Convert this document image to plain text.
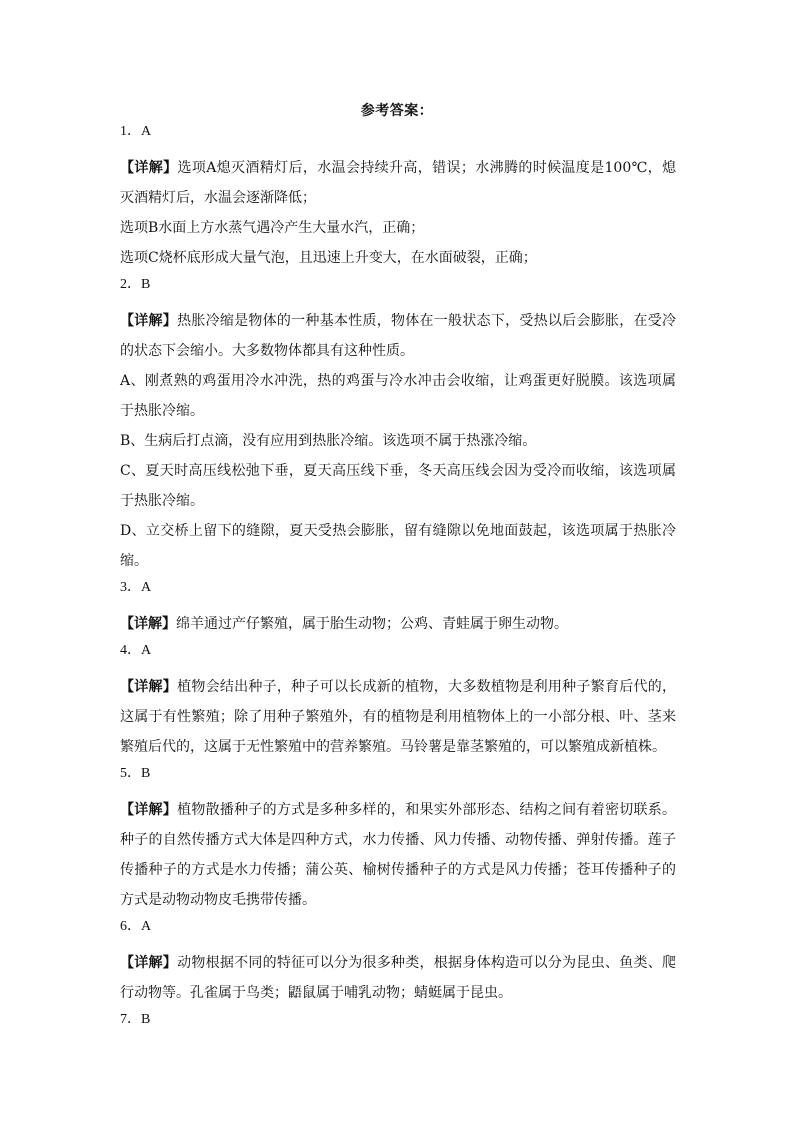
参考答案：
1．A

【详解】选项A熄灭酒精灯后，水温会持续升高，错误；水沸腾的时候温度是100℃，熄灭酒精灯后，水温会逐渐降低；

选项B水面上方水蒸气遇冷产生大量水汽，正确；

选项C烧杯底形成大量气泡，且迅速上升变大，在水面破裂，正确；

2．B

【详解】热胀冷缩是物体的一种基本性质，物体在一般状态下，受热以后会膨胀，在受冷的状态下会缩小。大多数物体都具有这种性质。

A、刚煮熟的鸡蛋用冷水冲洗，热的鸡蛋与冷水冲击会收缩，让鸡蛋更好脱膜。该选项属于热胀冷缩。

B、生病后打点滴，没有应用到热胀冷缩。该选项不属于热涨冷缩。

C、夏天时高压线松弛下垂，夏天高压线下垂，冬天高压线会因为受冷而收缩，该选项属于热胀冷缩。

D、立交桥上留下的缝隙，夏天受热会膨胀，留有缝隙以免地面鼓起，该选项属于热胀冷缩。

3．A

【详解】绵羊通过产仔繁殖，属于胎生动物；公鸡、青蛙属于卵生动物。

4．A

【详解】植物会结出种子，种子可以长成新的植物，大多数植物是利用种子繁育后代的，这属于有性繁殖；除了用种子繁殖外，有的植物是利用植物体上的一小部分根、叶、茎来繁殖后代的，这属于无性繁殖中的营养繁殖。马铃薯是靠茎繁殖的，可以繁殖成新植株。

5．B

【详解】植物散播种子的方式是多种多样的，和果实外部形态、结构之间有着密切联系。种子的自然传播方式大体是四种方式，水力传播、风力传播、动物传播、弹射传播。莲子传播种子的方式是水力传播；蒲公英、榆树传播种子的方式是风力传播；苍耳传播种子的方式是动物动物皮毛携带传播。

6．A

【详解】动物根据不同的特征可以分为很多种类，根据身体构造可以分为昆虫、鱼类、爬行动物等。孔雀属于鸟类；鼯鼠属于哺乳动物；蜻蜓属于昆虫。

7．B
